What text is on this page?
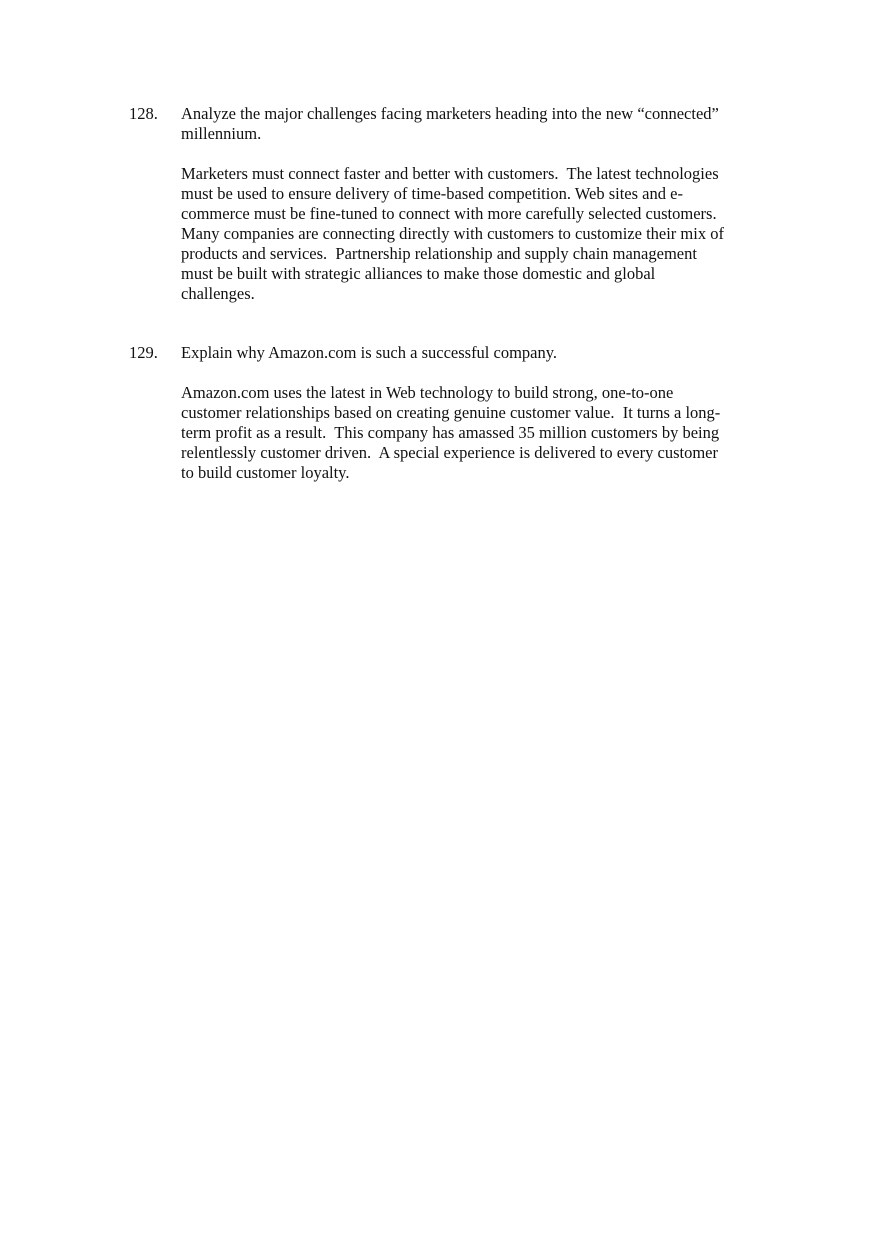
128. Analyze the major challenges facing marketers heading into the new “connected”
millennium.

Marketers must connect faster and better with customers.  The latest technologies
must be used to ensure delivery of time-based competition. Web sites and e-
commerce must be fine-tuned to connect with more carefully selected customers.
Many companies are connecting directly with customers to customize their mix of
products and services.  Partnership relationship and supply chain management
must be built with strategic alliances to make those domestic and global
challenges.
129. Explain why Amazon.com is such a successful company.

Amazon.com uses the latest in Web technology to build strong, one-to-one
customer relationships based on creating genuine customer value.  It turns a long-
term profit as a result.  This company has amassed 35 million customers by being
relentlessly customer driven.  A special experience is delivered to every customer
to build customer loyalty.
